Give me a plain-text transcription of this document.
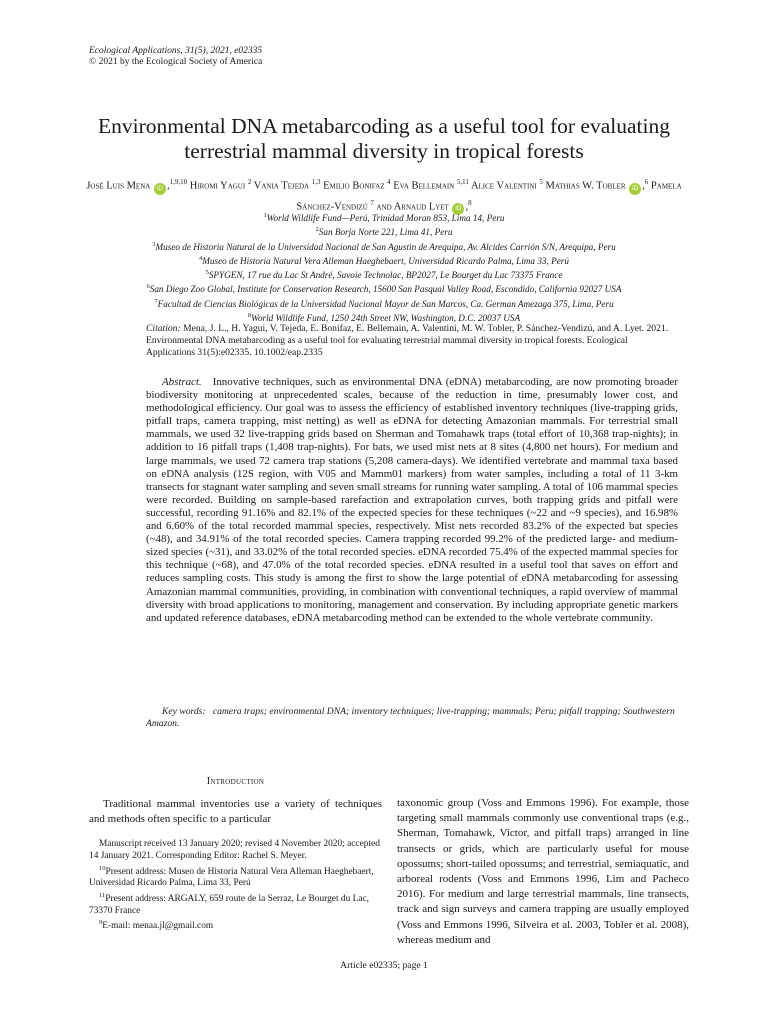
Ecological Applications, 31(5), 2021, e02335
© 2021 by the Ecological Society of America
Environmental DNA metabarcoding as a useful tool for evaluating terrestrial mammal diversity in tropical forests
José Luis Mena iD ,$^{1,9,10}$ Hiromi Yagui $^2$ Vania Tejeda $^{1,3}$ Emilio Bonifaz $^4$ Eva Bellemain $^{5,11}$ Alice Valentini $^5$ Mathias W. Tobler iD ,$^6$ Pamela Sánchez-Vendizú $^7$ and Arnaud Lyet iD ,$^8$
$^1$World Wildlife Fund—Perú, Trinidad Moran 853, Lima 14, Peru
$^2$San Borja Norte 221, Lima 41, Peru
$^3$Museo de Historia Natural de la Universidad Nacional de San Agustin de Arequipa, Av. Alcides Carrión S/N, Arequipa, Peru
$^4$Museo de Historia Natural Vera Alleman Haeghebaert, Universidad Ricardo Palma, Lima 33, Perú
$^5$SPYGEN, 17 rue du Lac St André, Savoie Technolac, BP2027, Le Bourget du Lac 73375 France
$^6$San Diego Zoo Global, Institute for Conservation Research, 15600 San Pasqual Valley Road, Escondido, California 92027 USA
$^7$Facultad de Ciencias Biológicas de la Universidad Nacional Mayor de San Marcos, Ca. German Amezaga 375, Lima, Peru
$^8$World Wildlife Fund, 1250 24th Street NW, Washington, D.C. 20037 USA
Citation: Mena, J. L., H. Yagui, V. Tejeda, E. Bonifaz, E. Bellemain, A. Valentini, M. W. Tobler, P. Sánchez-Vendizú, and A. Lyet. 2021. Environmental DNA metabarcoding as a useful tool for evaluating terrestrial mammal diversity in tropical forests. Ecological Applications 31(5):e02335. 10.1002/eap.2335
Abstract. Innovative techniques, such as environmental DNA (eDNA) metabarcoding, are now promoting broader biodiversity monitoring at unprecedented scales, because of the reduction in time, presumably lower cost, and methodological efficiency. Our goal was to assess the efficiency of established inventory techniques (live-trapping grids, pitfall traps, camera trapping, mist netting) as well as eDNA for detecting Amazonian mammals. For terrestrial small mammals, we used 32 live-trapping grids based on Sherman and Tomahawk traps (total effort of 10,368 trap-nights); in addition to 16 pitfall traps (1,408 trap-nights). For bats, we used mist nets at 8 sites (4,800 net hours). For medium and large mammals, we used 72 camera trap stations (5,208 camera-days). We identified vertebrate and mammal taxa based on eDNA analysis (12S region, with V05 and Mamm01 markers) from water samples, including a total of 11 3-km transects for stagnant water sampling and seven small streams for running water sampling. A total of 106 mammal species were recorded. Building on sample-based rarefaction and extrapolation curves, both trapping grids and pitfall were successful, recording 91.16% and 82.1% of the expected species for these techniques (~22 and ~9 species), and 16.98% and 6.60% of the total recorded mammal species, respectively. Mist nets recorded 83.2% of the expected bat species (~48), and 34.91% of the total recorded species. Camera trapping recorded 99.2% of the predicted large- and medium-sized species (~31), and 33.02% of the total recorded species. eDNA recorded 75.4% of the expected mammal species for this technique (~68), and 47.0% of the total recorded species. eDNA resulted in a useful tool that saves on effort and reduces sampling costs. This study is among the first to show the large potential of eDNA metabarcoding for assessing Amazonian mammal communities, providing, in combination with conventional techniques, a rapid overview of mammal diversity with broad applications to monitoring, management and conservation. By including appropriate genetic markers and updated reference databases, eDNA metabarcoding method can be extended to the whole vertebrate community.
Key words: camera traps; environmental DNA; inventory techniques; live-trapping; mammals; Peru; pitfall trapping; Southwestern Amazon.
Introduction
Traditional mammal inventories use a variety of techniques and methods often specific to a particular

Manuscript received 13 January 2020; revised 4 November 2020; accepted 14 January 2021. Corresponding Editor: Rachel S. Meyer.

$^{10}$Present address: Museo de Historia Natural Vera Alleman Haeghebaert, Universidad Ricardo Palma, Lima 33, Perú

$^{11}$Present address: ARGALY, 659 route de la Serraz, Le Bourget du Lac, 73370 France

$^9$E-mail: menaa.jl@gmail.com

taxonomic group (Voss and Emmons 1996). For example, those targeting small mammals commonly use conventional traps (e.g., Sherman, Tomahawk, Victor, and pitfall traps) arranged in line transects or grids, which are particularly useful for mouse opossums; short-tailed opossums; and terrestrial, semiaquatic, and arboreal rodents (Voss and Emmons 1996, Lim and Pacheco 2016). For medium and large terrestrial mammals, line transects, track and sign surveys and camera trapping are usually employed (Voss and Emmons 1996, Silveira et al. 2003, Tobler et al. 2008), whereas medium and
Article e02335; page 1
